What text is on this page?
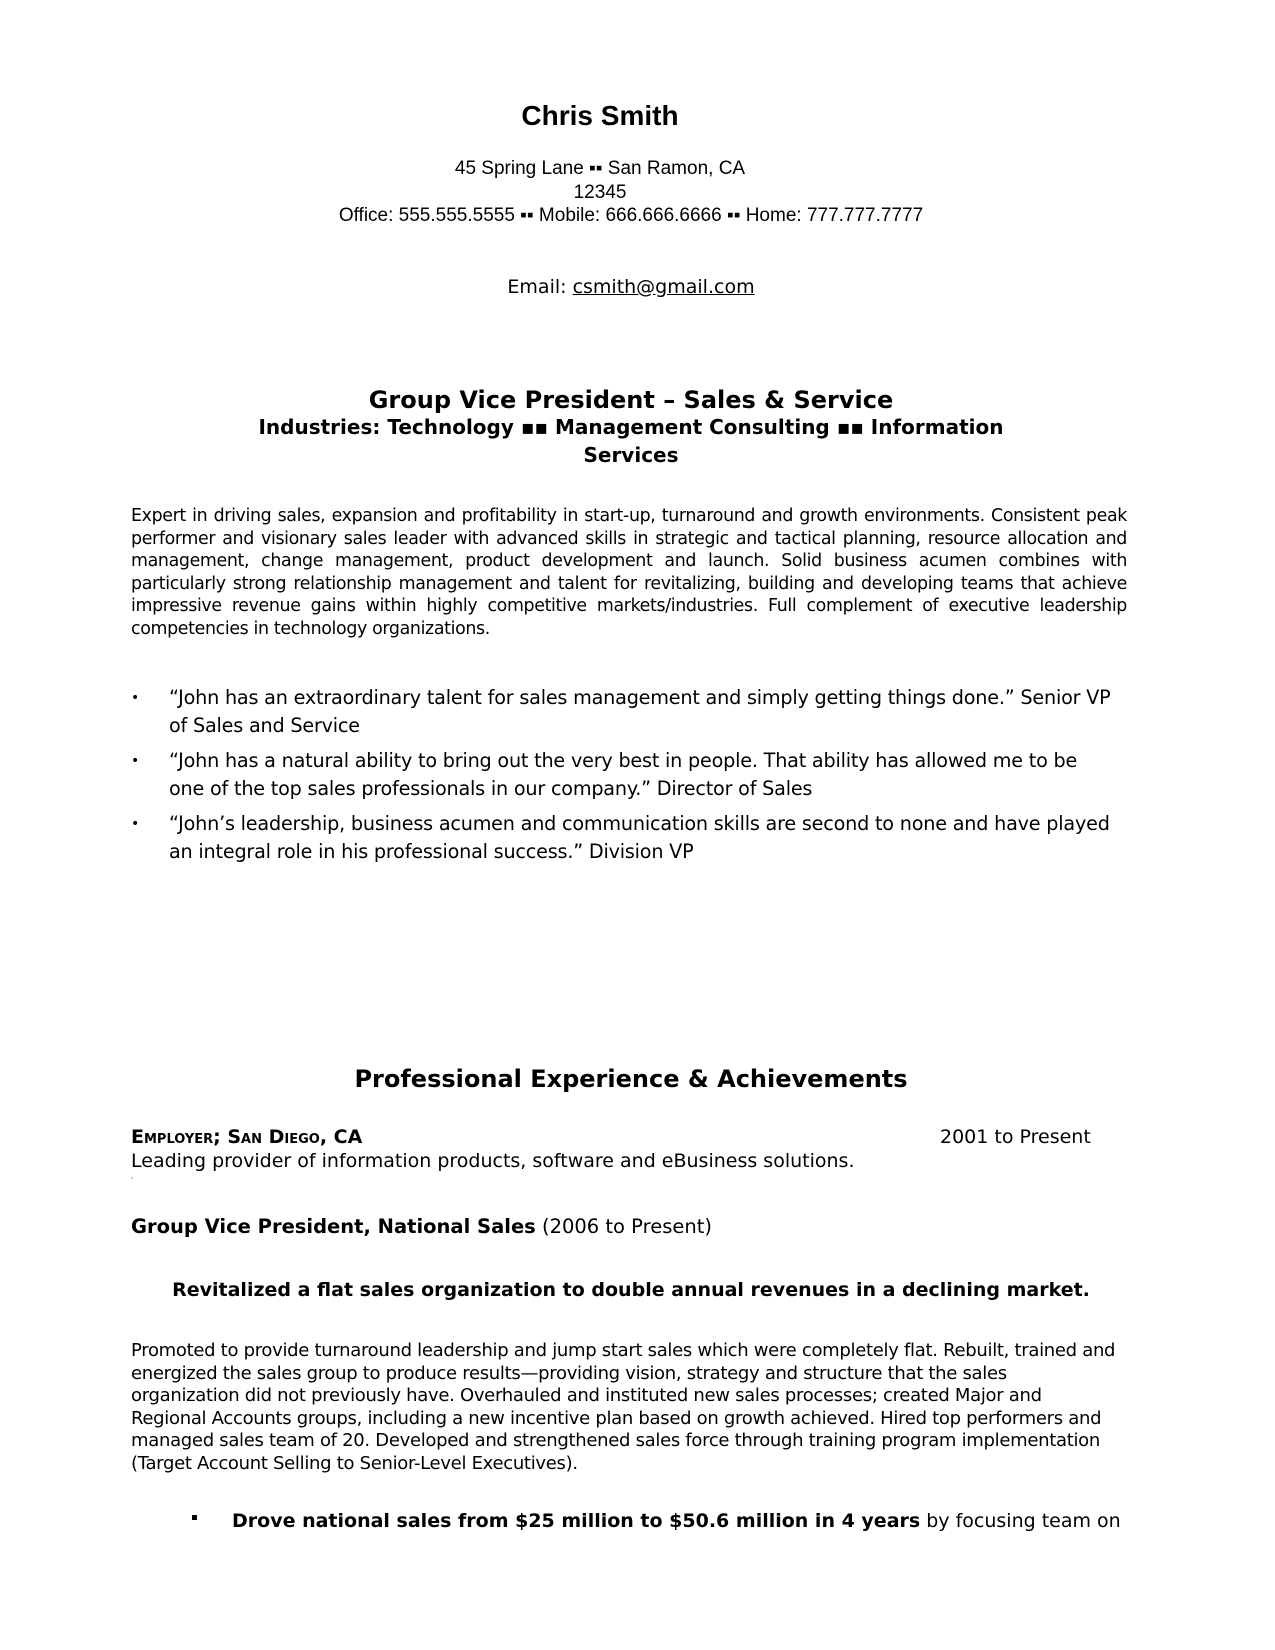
Chris Smith
45 Spring Lane ▪▪ San Ramon, CA
12345
Office: 555.555.5555 ▪▪ Mobile: 666.666.6666 ▪▪ Home: 777.777.7777
Email: csmith@gmail.com
Group Vice President – Sales & Service
Industries: Technology ▪▪ Management Consulting ▪▪ Information
Services
Expert in driving sales, expansion and profitability in start-up, turnaround and growth environments. Consistent peak performer and visionary sales leader with advanced skills in strategic and tactical planning, resource allocation and management, change management, product development and launch. Solid business acumen combines with particularly strong relationship management and talent for revitalizing, building and developing teams that achieve impressive revenue gains within highly competitive markets/industries. Full complement of executive leadership competencies in technology organizations.
• “John has an extraordinary talent for sales management and simply getting things done.” Senior VP of Sales and Service
• “John has a natural ability to bring out the very best in people. That ability has allowed me to be one of the top sales professionals in our company.” Director of Sales
• “John’s leadership, business acumen and communication skills are second to none and have played an integral role in his professional success.” Division VP
Professional Experience & Achievements
Employer; San Diego, CA	2001 to Present
Leading provider of information products, software and eBusiness solutions.
'
Group Vice President, National Sales (2006 to Present)
Revitalized a flat sales organization to double annual revenues in a declining market.
Promoted to provide turnaround leadership and jump start sales which were completely flat. Rebuilt, trained and energized the sales group to produce results—providing vision, strategy and structure that the sales organization did not previously have. Overhauled and instituted new sales processes; created Major and Regional Accounts groups, including a new incentive plan based on growth achieved. Hired top performers and managed sales team of 20. Developed and strengthened sales force through training program implementation (Target Account Selling to Senior-Level Executives).
Drove national sales from $25 million to $50.6 million in 4 years by focusing team on
